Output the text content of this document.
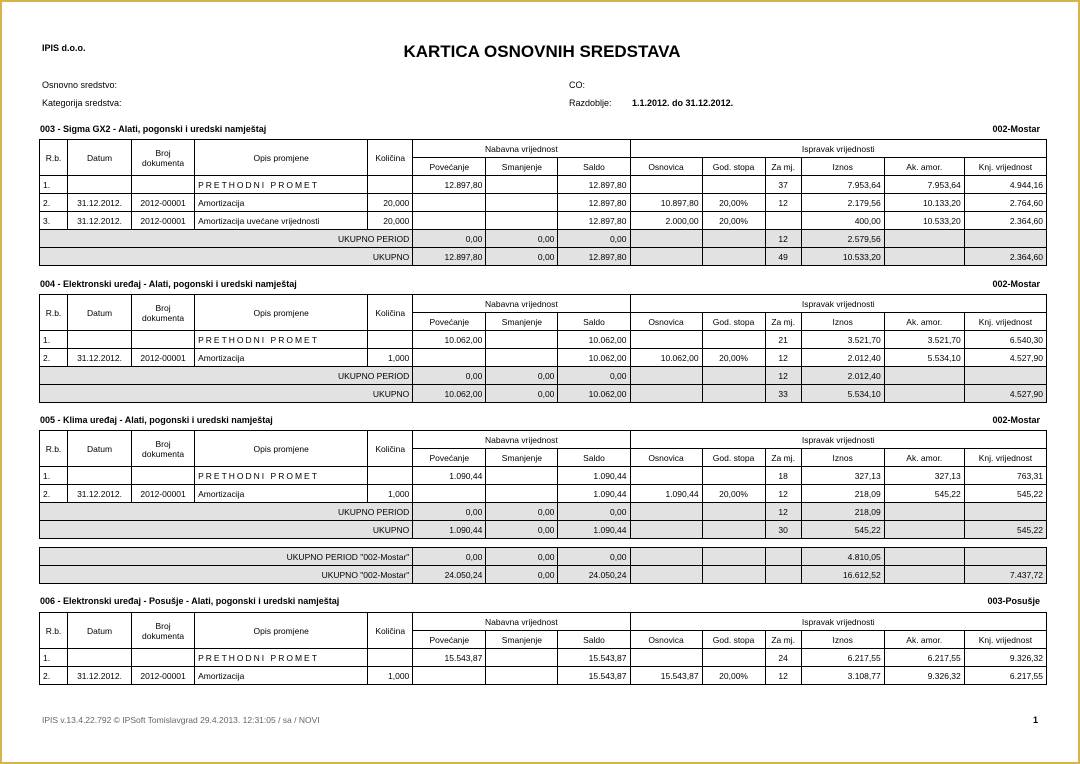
IPIS d.o.o.	KARTICA OSNOVNIH SREDSTAVA
Osnovno sredstvo:
Kategorija sredstva:
CO:
Razdoblje: 1.1.2012. do 31.12.2012.
003 - Sigma GX2 - Alati, pogonski i uredski namještaj	002-Mostar
R.b.	Datum	Broj dokumenta	Opis promjene	Količina	Nabavna vrijednost			Ispravak vrijednosti					
					Povećanje	Smanjenje	Saldo	Osnovica	God. stopa	Za mj.	Iznos	Ak. amor.	Knj. vrijednost
1.			PRETHODNI PROMET		12.897,80		12.897,80			37	7.953,64	7.953,64	4.944,16
2.	31.12.2012.	2012-00001	Amortizacija	20,000			12.897,80	10.897,80	20,00%	12	2.179,56	10.133,20	2.764,60
3.	31.12.2012.	2012-00001	Amortizacija uvećane vrijednosti	20,000			12.897,80	2.000,00	20,00%		400,00	10.533,20	2.364,60
UKUPNO PERIOD					0,00	0,00	0,00			12	2.579,56		
UKUPNO					12.897,80	0,00	12.897,80			49	10.533,20		2.364,60
004 - Elektronski uređaj - Alati, pogonski i uredski namještaj	002-Mostar
R.b.	Datum	Broj dokumenta	Opis promjene	Količina	Nabavna vrijednost			Ispravak vrijednosti					
					Povećanje	Smanjenje	Saldo	Osnovica	God. stopa	Za mj.	Iznos	Ak. amor.	Knj. vrijednost
1.			PRETHODNI PROMET		10.062,00		10.062,00			21	3.521,70	3.521,70	6.540,30
2.	31.12.2012.	2012-00001	Amortizacija	1,000			10.062,00	10.062,00	20,00%	12	2.012,40	5.534,10	4.527,90
UKUPNO PERIOD					0,00	0,00	0,00			12	2.012,40		
UKUPNO					10.062,00	0,00	10.062,00			33	5.534,10		4.527,90
005 - Klima uređaj - Alati, pogonski i uredski namještaj	002-Mostar
R.b.	Datum	Broj dokumenta	Opis promjene	Količina	Nabavna vrijednost			Ispravak vrijednosti					
					Povećanje	Smanjenje	Saldo	Osnovica	God. stopa	Za mj.	Iznos	Ak. amor.	Knj. vrijednost
1.			PRETHODNI PROMET		1.090,44		1.090,44			18	327,13	327,13	763,31
2.	31.12.2012.	2012-00001	Amortizacija	1,000			1.090,44	1.090,44	20,00%	12	218,09	545,22	545,22
UKUPNO PERIOD					0,00	0,00	0,00			12	218,09		
UKUPNO					1.090,44	0,00	1.090,44			30	545,22		545,22
UKUPNO PERIOD "002-Mostar"	0,00	0,00	0,00				4.810,05		
UKUPNO "002-Mostar"	24.050,24	0,00	24.050,24				16.612,52		7.437,72
006 - Elektronski uređaj - Posušje - Alati, pogonski i uredski namještaj	003-Posušje
R.b.	Datum	Broj dokumenta	Opis promjene	Količina	Nabavna vrijednost			Ispravak vrijednosti					
					Povećanje	Smanjenje	Saldo	Osnovica	God. stopa	Za mj.	Iznos	Ak. amor.	Knj. vrijednost
1.			PRETHODNI PROMET		15.543,87		15.543,87			24	6.217,55	6.217,55	9.326,32
2.	31.12.2012.	2012-00001	Amortizacija	1,000			15.543,87	15.543,87	20,00%	12	3.108,77	9.326,32	6.217,55
IPIS v.13.4.22.792 © IPSoft Tomislavgrad 29.4.2013. 12:31:05 / sa / NOVI	1
